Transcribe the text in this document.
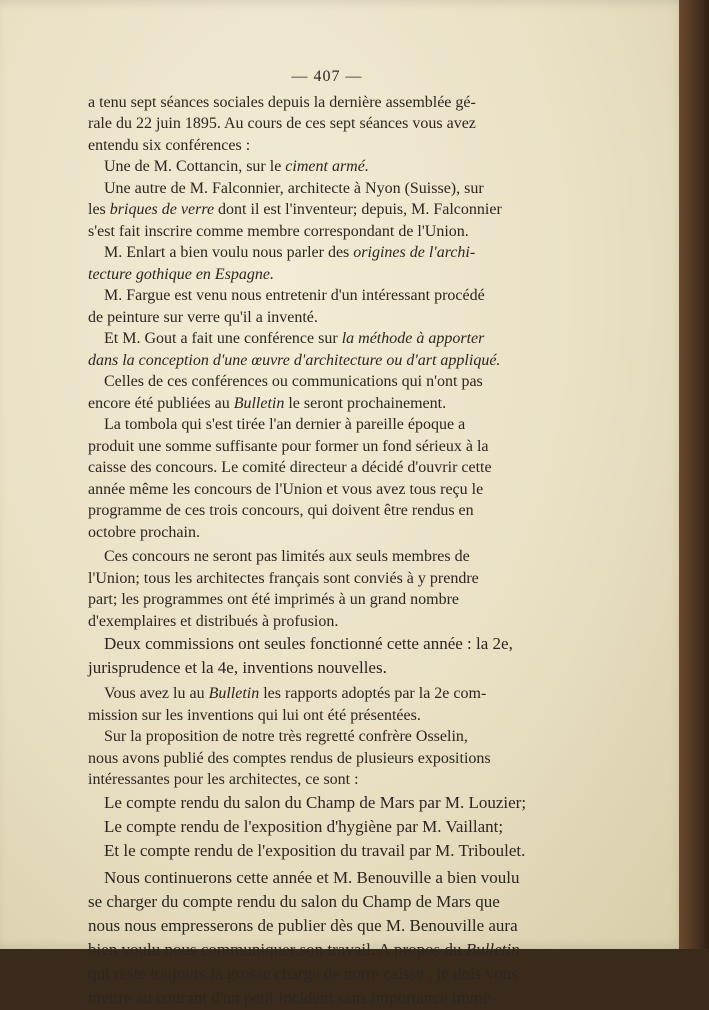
— 407 —

a tenu sept séances sociales depuis la dernière assemblée gé-
rale du 22 juin 1895. Au cours de ces sept séances vous avez
entendu six conférences :

Une de M. Cottancin, sur le ciment armé.

Une autre de M. Falconnier, architecte à Nyon (Suisse), sur
les briques de verre dont il est l'inventeur; depuis, M. Falconnier
s'est fait inscrire comme membre correspondant de l'Union.

M. Enlart a bien voulu nous parler des origines de l'archi-
tecture gothique en Espagne.

M. Fargue est venu nous entretenir d'un intéressant procédé
de peinture sur verre qu'il a inventé.

Et M. Gout a fait une conférence sur la méthode à apporter
dans la conception d'une œuvre d'architecture ou d'art appliqué.

Celles de ces conférences ou communications qui n'ont pas
encore été publiées au Bulletin le seront prochainement.

La tombola qui s'est tirée l'an dernier à pareille époque a
produit une somme suffisante pour former un fond sérieux à la
caisse des concours. Le comité directeur a décidé d'ouvrir cette
année même les concours de l'Union et vous avez tous reçu le
programme de ces trois concours, qui doivent être rendus en
octobre prochain.

Ces concours ne seront pas limités aux seuls membres de
l'Union; tous les architectes français sont conviés à y prendre
part; les programmes ont été imprimés à un grand nombre
d'exemplaires et distribués à profusion.

Deux commissions ont seules fonctionné cette année : la 2e,
jurisprudence et la 4e, inventions nouvelles.

Vous avez lu au Bulletin les rapports adoptés par la 2e com-
mission sur les inventions qui lui ont été présentées.

Sur la proposition de notre très regretté confrère Osselin,
nous avons publié des comptes rendus de plusieurs expositions
intéressantes pour les architectes, ce sont :

Le compte rendu du salon du Champ de Mars par M. Louzier;

Le compte rendu de l'exposition d'hygiène par M. Vaillant;

Et le compte rendu de l'exposition du travail par M. Triboulet.

Nous continuerons cette année et M. Benouville a bien voulu
se charger du compte rendu du salon du Champ de Mars que
nous nous empresserons de publier dès que M. Benouville aura
bien voulu nous communiquer son travail. A propos du Bulletin
qui reste toujours la grosse charge de notre caisse , je dois vous
mettre au courant d'un petit incident sans importance immé-
